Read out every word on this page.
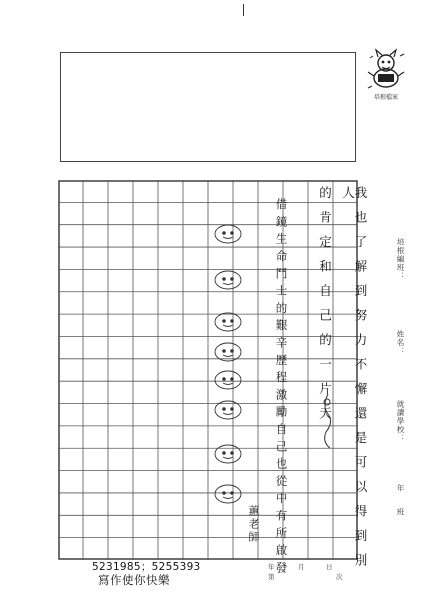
培根檔案
我也了解到努力不懈還是可以得到別人
的肯定和自己的一片天
借鏡生命鬥士的艱辛歷程激勵自己也從中有所啟發
蕙老師
培根編班：
姓名：
就讀學校：
年
班
年	月	日
第	次
5231985；5255393
寫作使你快樂
